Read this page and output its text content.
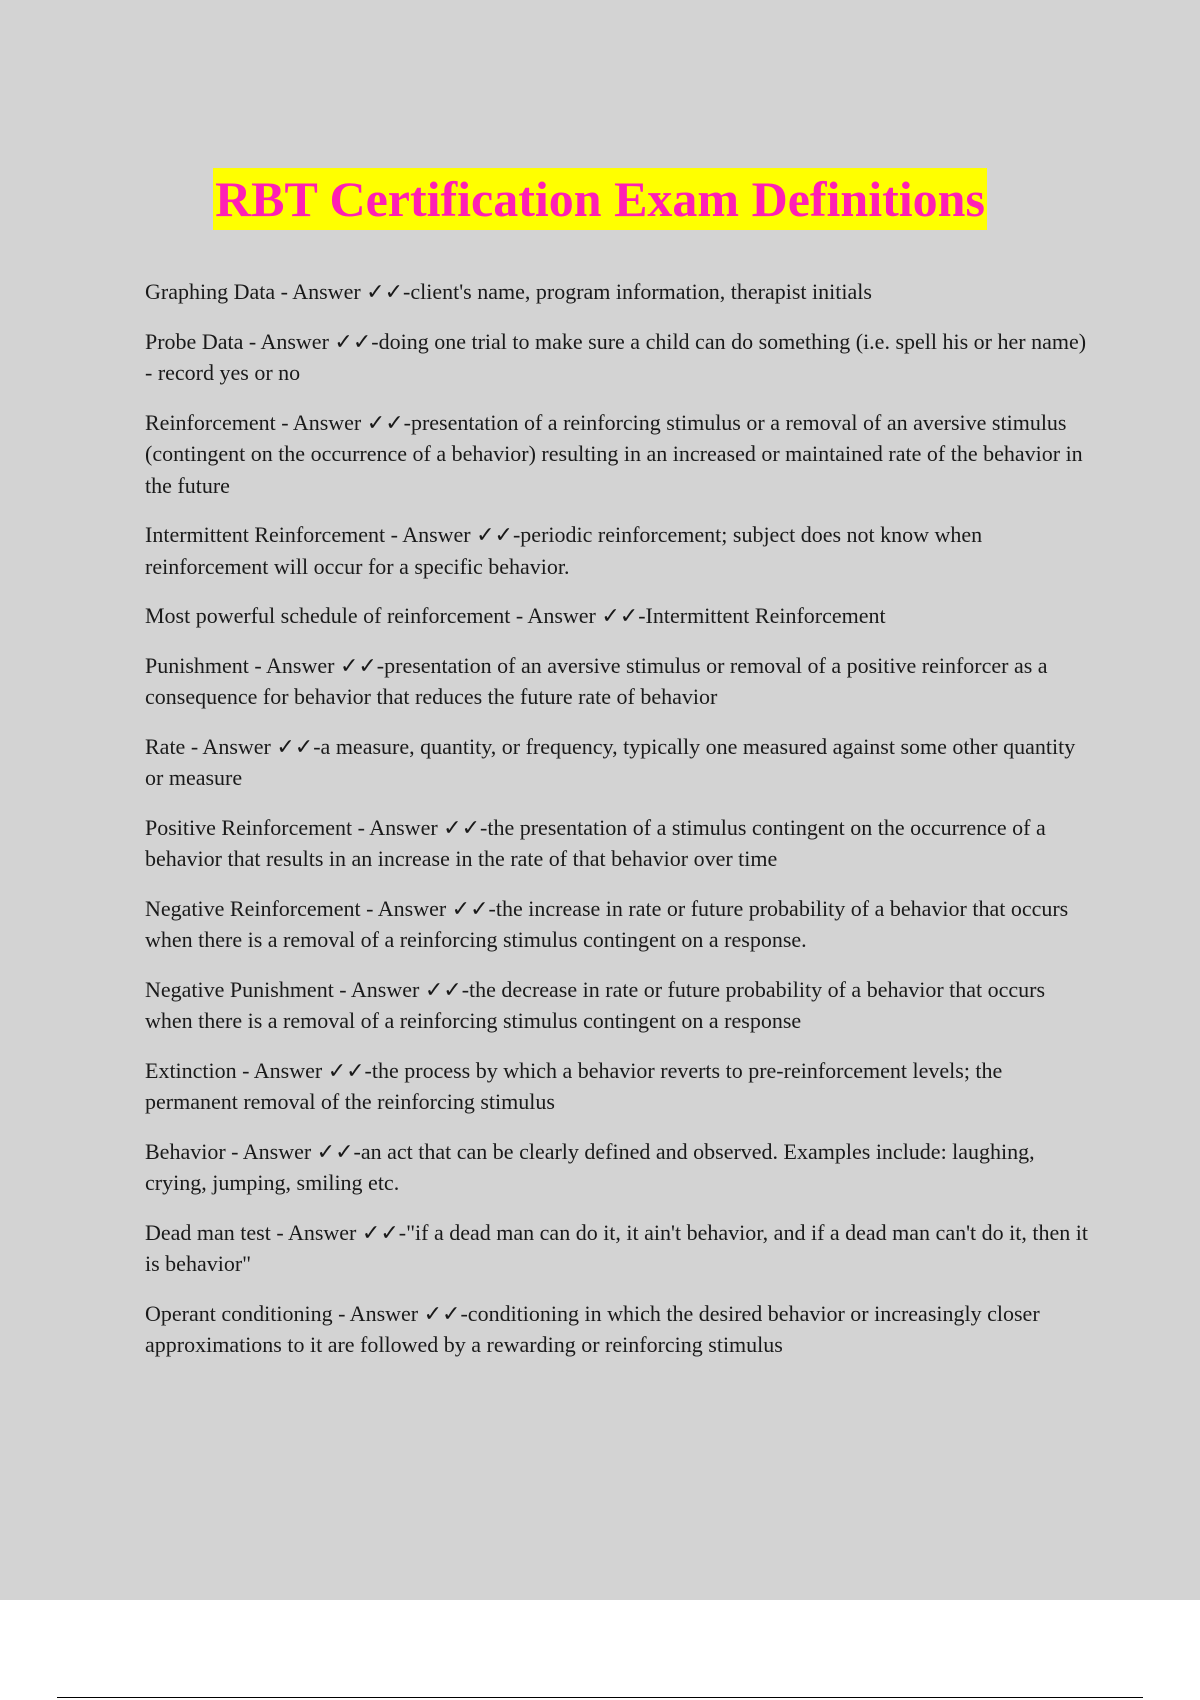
RBT Certification Exam Definitions

Graphing Data - Answer ✓✓-client's name, program information, therapist initials

Probe Data - Answer ✓✓-doing one trial to make sure a child can do something (i.e. spell his or her name) - record yes or no

Reinforcement - Answer ✓✓-presentation of a reinforcing stimulus or a removal of an aversive stimulus (contingent on the occurrence of a behavior) resulting in an increased or maintained rate of the behavior in the future

Intermittent Reinforcement - Answer ✓✓-periodic reinforcement; subject does not know when reinforcement will occur for a specific behavior.

Most powerful schedule of reinforcement - Answer ✓✓-Intermittent Reinforcement

Punishment - Answer ✓✓-presentation of an aversive stimulus or removal of a positive reinforcer as a consequence for behavior that reduces the future rate of behavior

Rate - Answer ✓✓-a measure, quantity, or frequency, typically one measured against some other quantity or measure

Positive Reinforcement - Answer ✓✓-the presentation of a stimulus contingent on the occurrence of a behavior that results in an increase in the rate of that behavior over time

Negative Reinforcement - Answer ✓✓-the increase in rate or future probability of a behavior that occurs when there is a removal of a reinforcing stimulus contingent on a response.

Negative Punishment - Answer ✓✓-the decrease in rate or future probability of a behavior that occurs when there is a removal of a reinforcing stimulus contingent on a response

Extinction - Answer ✓✓-the process by which a behavior reverts to pre-reinforcement levels; the permanent removal of the reinforcing stimulus

Behavior - Answer ✓✓-an act that can be clearly defined and observed. Examples include: laughing, crying, jumping, smiling etc.

Dead man test - Answer ✓✓-"if a dead man can do it, it ain't behavior, and if a dead man can't do it, then it is behavior"

Operant conditioning - Answer ✓✓-conditioning in which the desired behavior or increasingly closer approximations to it are followed by a rewarding or reinforcing stimulus
